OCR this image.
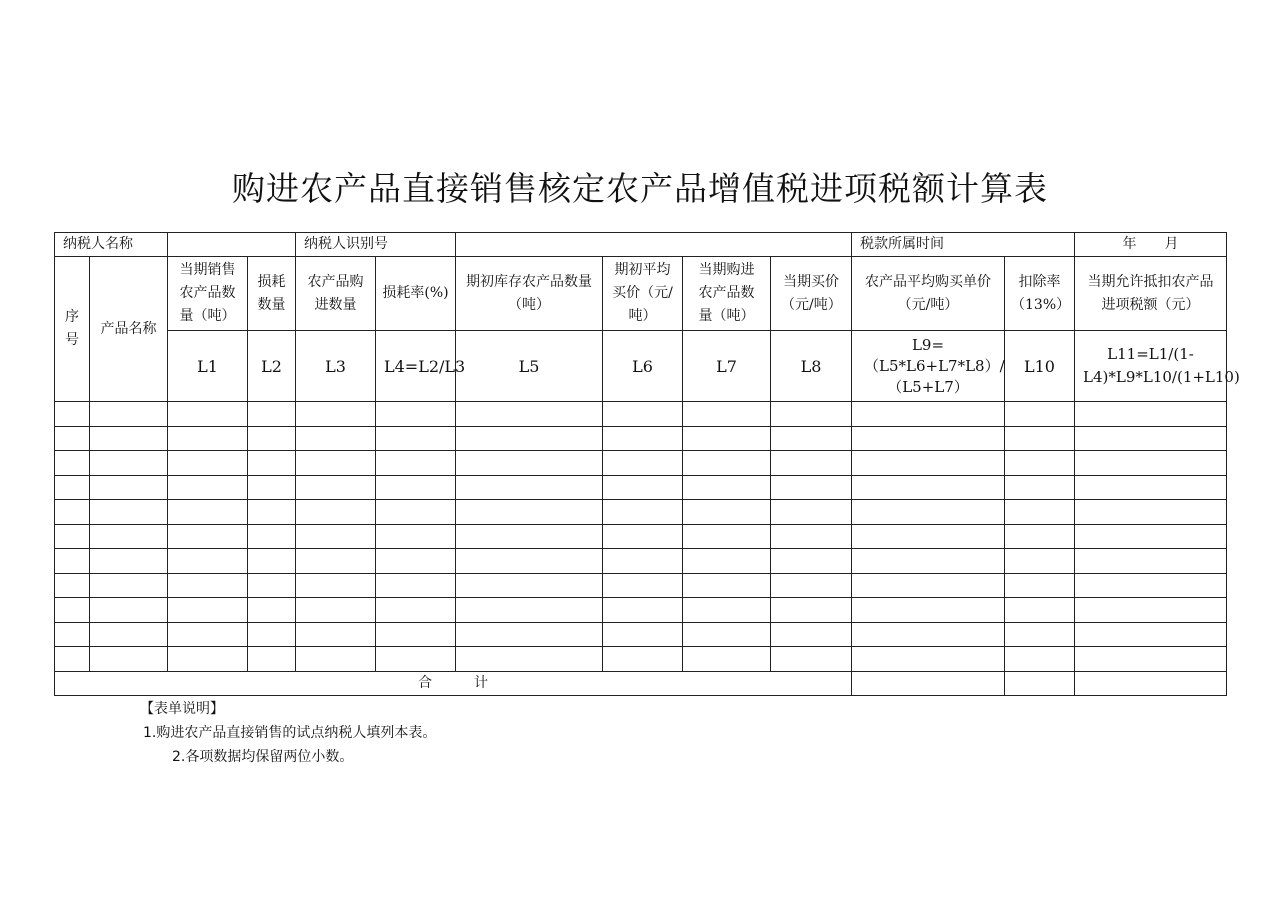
购进农产品直接销售核定农产品增值税进项税额计算表
纳税人名称				纳税人识别号						税款所属时间		年　　月
序号	产品名称	当期销售农产品数量（吨）	损耗数量	农产品购进数量	损耗率(%)	期初库存农产品数量（吨）	期初平均买价（元/吨）	当期购进农产品数量（吨）	当期买价（元/吨）	农产品平均购买单价（元/吨）	扣除率（13%）	当期允许抵扣农产品进项税额（元）
		L1	L2	L3	L4=L2/L3	L5	L6	L7	L8	L9=（L5*L6+L7*L8）/（L5+L7）	L10	L11=L1/(1-L4)*L9*L10/(1+L10)

合　　　计												
【表单说明】
1.购进农产品直接销售的试点纳税人填列本表。
2.各项数据均保留两位小数。
